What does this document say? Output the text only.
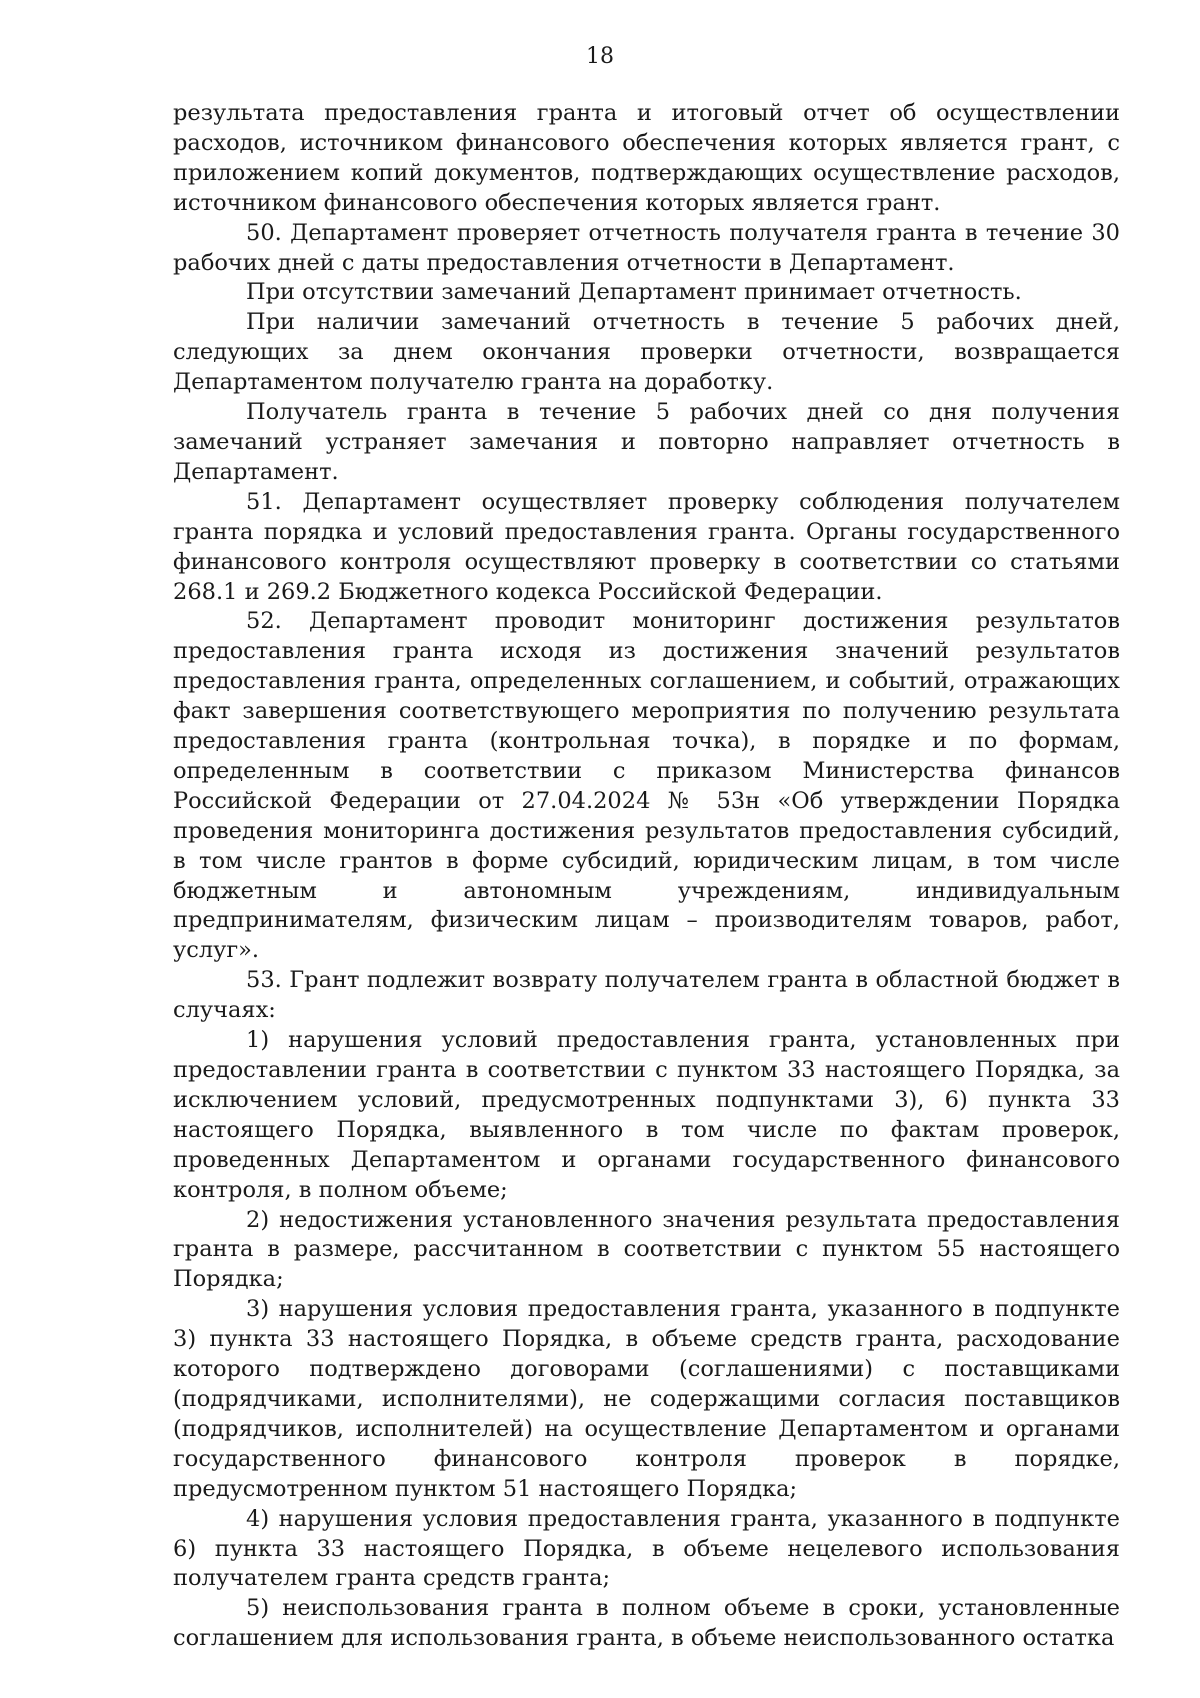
18

результата предоставления гранта и итоговый отчет об осуществлении расходов, источником финансового обеспечения которых является грант, с приложением копий документов, подтверждающих осуществление расходов, источником финансового обеспечения которых является грант.

50. Департамент проверяет отчетность получателя гранта в течение 30 рабочих дней с даты предоставления отчетности в Департамент.

При отсутствии замечаний Департамент принимает отчетность.

При наличии замечаний отчетность в течение 5 рабочих дней, следующих за днем окончания проверки отчетности, возвращается Департаментом получателю гранта на доработку.

Получатель гранта в течение 5 рабочих дней со дня получения замечаний устраняет замечания и повторно направляет отчетность в Департамент.

51. Департамент осуществляет проверку соблюдения получателем гранта порядка и условий предоставления гранта. Органы государственного финансового контроля осуществляют проверку в соответствии со статьями 268.1 и 269.2 Бюджетного кодекса Российской Федерации.

52. Департамент проводит мониторинг достижения результатов предоставления гранта исходя из достижения значений результатов предоставления гранта, определенных соглашением, и событий, отражающих факт завершения соответствующего мероприятия по получению результата предоставления гранта (контрольная точка), в порядке и по формам, определенным в соответствии с приказом Министерства финансов Российской Федерации от 27.04.2024 № 53н «Об утверждении Порядка проведения мониторинга достижения результатов предоставления субсидий, в том числе грантов в форме субсидий, юридическим лицам, в том числе бюджетным и автономным учреждениям, индивидуальным предпринимателям, физическим лицам – производителям товаров, работ, услуг».

53. Грант подлежит возврату получателем гранта в областной бюджет в случаях:

1) нарушения условий предоставления гранта, установленных при предоставлении гранта в соответствии с пунктом 33 настоящего Порядка, за исключением условий, предусмотренных подпунктами 3), 6) пункта 33 настоящего Порядка, выявленного в том числе по фактам проверок, проведенных Департаментом и органами государственного финансового контроля, в полном объеме;

2) недостижения установленного значения результата предоставления гранта в размере, рассчитанном в соответствии с пунктом 55 настоящего Порядка;

3) нарушения условия предоставления гранта, указанного в подпункте 3) пункта 33 настоящего Порядка, в объеме средств гранта, расходование которого подтверждено договорами (соглашениями) с поставщиками (подрядчиками, исполнителями), не содержащими согласия поставщиков (подрядчиков, исполнителей) на осуществление Департаментом и органами государственного финансового контроля проверок в порядке, предусмотренном пунктом 51 настоящего Порядка;

4) нарушения условия предоставления гранта, указанного в подпункте 6) пункта 33 настоящего Порядка, в объеме нецелевого использования получателем гранта средств гранта;

5) неиспользования гранта в полном объеме в сроки, установленные соглашением для использования гранта, в объеме неиспользованного остатка
